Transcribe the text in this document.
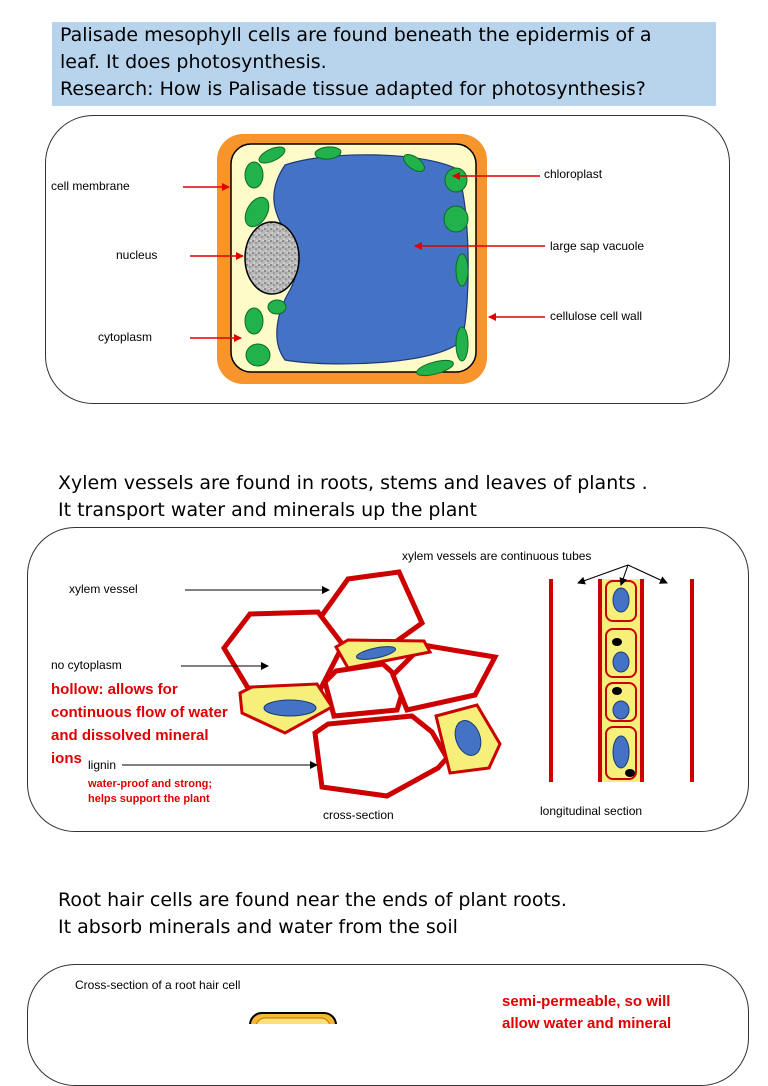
Palisade mesophyll cells are found beneath the epidermis of a
leaf. It does photosynthesis.
Research: How is Palisade tissue adapted for photosynthesis?
Xylem vessels are found in roots, stems and leaves of plants .
It transport water and minerals up the plant
Root hair cells are found near the ends of plant roots.
It absorb minerals and water from the soil
cell membrane
nucleus
cytoplasm
chloroplast
large sap vacuole
cellulose cell wall
xylem vessel
no cytoplasm
hollow: allows for
continuous flow of water
and dissolved mineral
ions lignin
water-proof and strong;
helps support the plant
xylem vessels are continuous tubes
cross-section	longitudinal section
Cross-section of a root hair cell
semi-permeable, so will
allow water and mineral
